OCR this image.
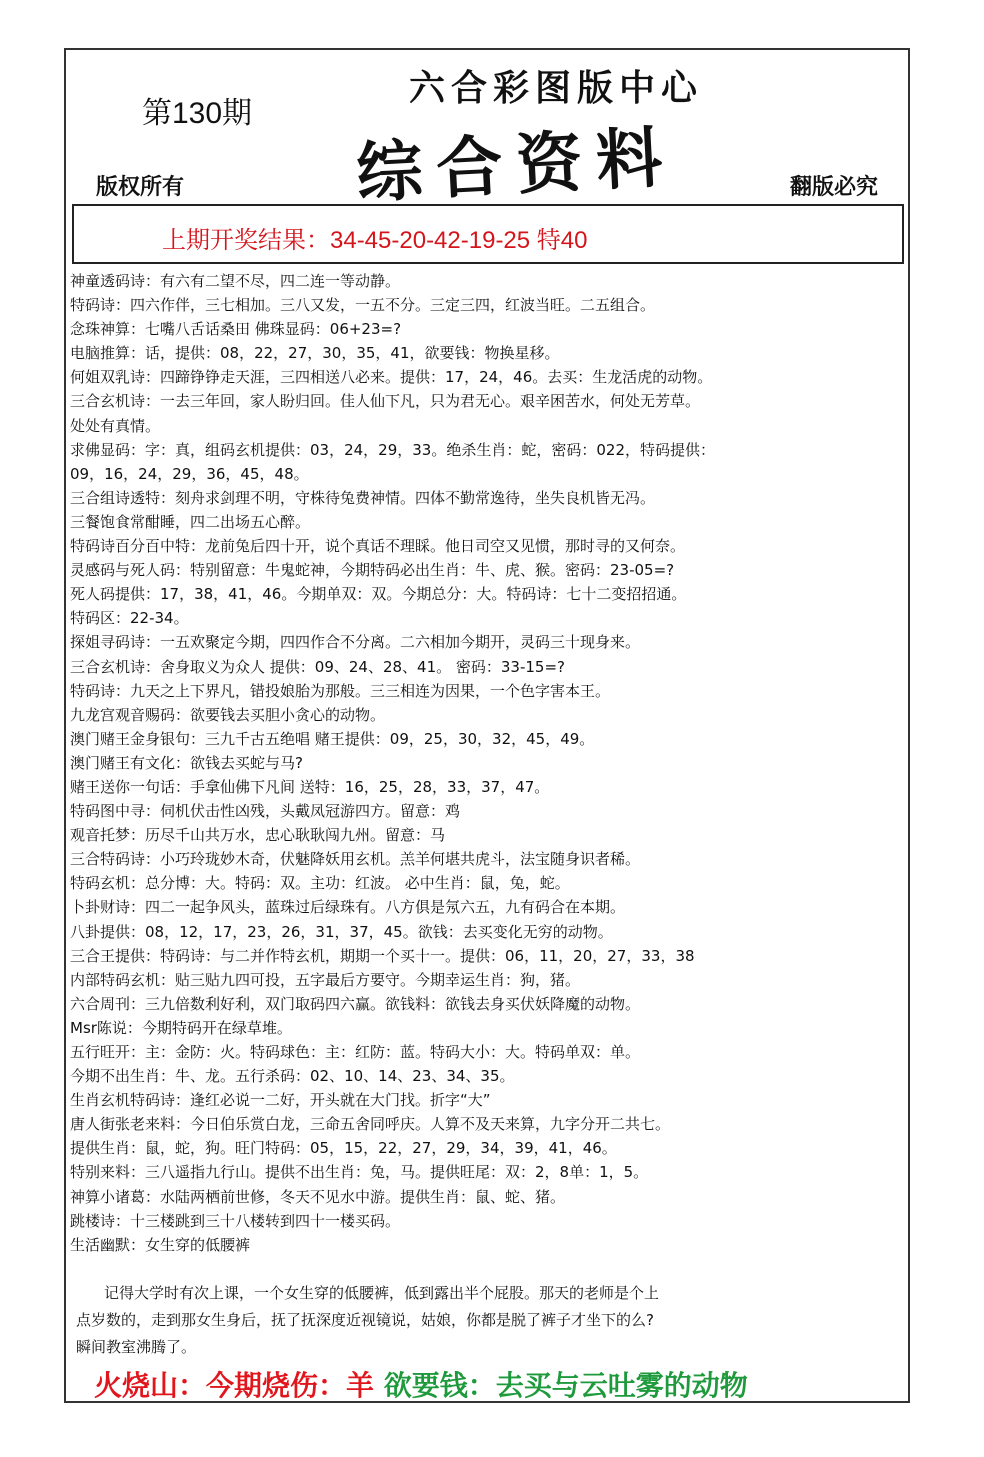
第130期
六合彩图版中心
综合资料
版权所有	翻版必究
上期开奖结果：34-45-20-42-19-25 特40
神童透码诗：有六有二望不尽，四二连一等动静。
特码诗：四六作伴，三七相加。三八又发，一五不分。三定三四，红波当旺。二五组合。
念珠神算：七嘴八舌话桑田 佛珠显码：06+23=?
电脑推算：话，提供：08，22，27，30，35，41，欲要钱：物换星移。
何姐双乳诗：四蹄铮铮走天涯，三四相送八必来。提供：17，24，46。去买：生龙活虎的动物。
三合玄机诗：一去三年回，家人盼归回。佳人仙下凡，只为君无心。艰辛困苦水，何处无芳草。
处处有真情。
求佛显码：字：真，组码玄机提供：03，24，29，33。绝杀生肖：蛇，密码：022，特码提供：
09，16，24，29，36，45，48。
三合组诗透特：刻舟求剑理不明，守株待兔费神情。四体不勤常逸待，坐失良机皆无冯。
三餐饱食常酣睡，四二出场五心醉。
特码诗百分百中特：龙前兔后四十开，说个真话不理睬。他日司空又见惯，那时寻的又何奈。
灵感码与死人码：特别留意：牛鬼蛇神，今期特码必出生肖：牛、虎、猴。密码：23-05=?
死人码提供：17，38，41，46。今期单双：双。今期总分：大。特码诗：七十二变招招通。
特码区：22-34。
探姐寻码诗：一五欢聚定今期，四四作合不分离。二六相加今期开，灵码三十现身来。
三合玄机诗：舍身取义为众人 提供：09、24、28、41。 密码：33-15=?
特码诗：九天之上下界凡，错投娘胎为那般。三三相连为因果，一个色字害本王。
九龙宫观音赐码：欲要钱去买胆小贪心的动物。
澳门赌王金身银句：三九千古五绝唱 赌王提供：09，25，30，32，45，49。
澳门赌王有文化：欲钱去买蛇与马?
赌王送你一句话：手拿仙佛下凡间 送特：16，25，28，33，37，47。
特码图中寻：伺机伏击性凶残，头戴凤冠游四方。留意：鸡
观音托梦：历尽千山共万水，忠心耿耿闯九州。留意：马
三合特码诗：小巧玲珑妙木奇，伏魅降妖用玄机。羔羊何堪共虎斗，法宝随身识者稀。
特码玄机：总分博：大。特码：双。主功：红波。 必中生肖：鼠，兔，蛇。
卜卦财诗：四二一起争风头，蓝珠过后绿珠有。八方俱是氖六五，九有码合在本期。
八卦提供：08，12，17，23，26，31，37，45。欲钱：去买变化无穷的动物。
三合王提供：特码诗：与二并作特玄机，期期一个买十一。提供：06，11，20，27，33，38
内部特码玄机：贴三贴九四可投，五字最后方要守。今期幸运生肖：狗，猪。
六合周刊：三九倍数利好利，双门取码四六赢。欲钱料：欲钱去身买伏妖降魔的动物。
Msr陈说：今期特码开在绿草堆。
五行旺开：主：金防：火。特码球色：主：红防：蓝。特码大小：大。特码单双：单。
今期不出生肖：牛、龙。五行杀码：02、10、14、23、34、35。
生肖玄机特码诗：逢红必说一二好，开头就在大门找。折字“大”
唐人街张老来料：今日伯乐赏白龙，三命五舍同呼庆。人算不及天来算，九字分开二共七。
提供生肖：鼠，蛇，狗。旺门特码：05，15，22，27，29，34，39，41，46。
特别来料：三八遥指九行山。提供不出生肖：兔，马。提供旺尾：双：2，8单：1，5。
神算小诸葛：水陆两栖前世修，冬天不见水中游。提供生肖：鼠、蛇、猪。
跳楼诗：十三楼跳到三十八楼转到四十一楼买码。
生活幽默：女生穿的低腰裤

记得大学时有次上课，一个女生穿的低腰裤，低到露出半个屁股。那天的老师是个上

点岁数的，走到那女生身后，抚了抚深度近视镜说，姑娘，你都是脱了裤子才坐下的么?

瞬间教室沸腾了。

火烧山：今期烧伤：羊 欲要钱：去买与云吐雾的动物
